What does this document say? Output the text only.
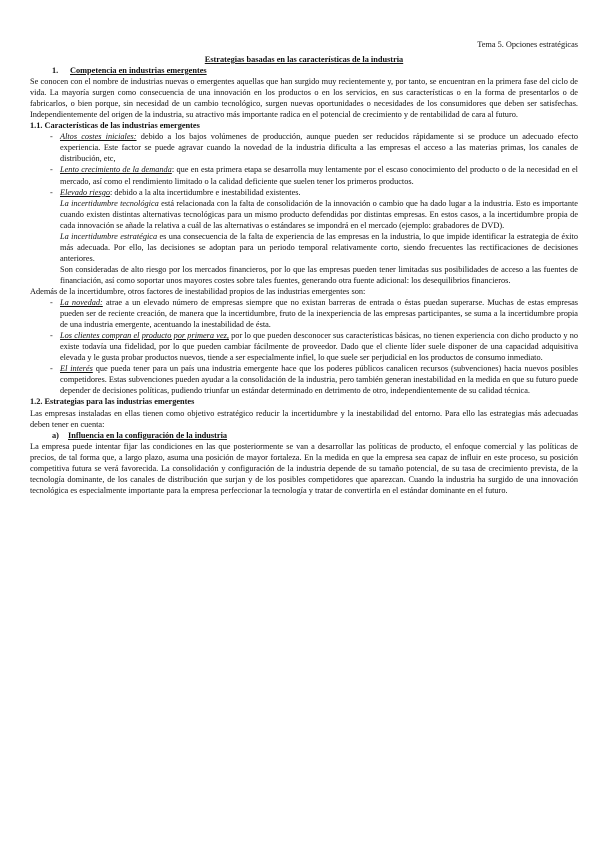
Tema 5. Opciones estratégicas
Estrategias basadas en las características de la industria
1. Competencia en industrias emergentes

Se conocen con el nombre de industrias nuevas o emergentes aquellas que han surgido muy recientemente y, por tanto, se encuentran en la primera fase del ciclo de vida. La mayoría surgen como consecuencia de una innovación en los productos o en los servicios, en sus características o en la forma de presentarlos o de fabricarlos, o bien porque, sin necesidad de un cambio tecnológico, surgen nuevas oportunidades o necesidades de los consumidores que deben ser satisfechas. Independientemente del origen de la industria, su atractivo más importante radica en el potencial de crecimiento y de rentabilidad de cara al futuro.

1.1. Características de las industrias emergentes
- Altos costes iniciales: debido a los bajos volúmenes de producción, aunque pueden ser reducidos rápidamente si se produce un adecuado efecto experiencia. Este factor se puede agravar cuando la novedad de la industria dificulta a las empresas el acceso a las materias primas, los canales de distribución, etc,
- Lento crecimiento de la demanda: que en esta primera etapa se desarrolla muy lentamente por el escaso conocimiento del producto o de la necesidad en el mercado, así como el rendimiento limitado o la calidad deficiente que suelen tener los primeros productos.
- Elevado riesgo: debido a la alta incertidumbre e inestabilidad existentes.
La incertidumbre tecnológica está relacionada con la falta de consolidación de la innovación o cambio que ha dado lugar a la industria. Esto es importante cuando existen distintas alternativas tecnológicas para un mismo producto defendidas por distintas empresas. En estos casos, a la incertidumbre propia de cada innovación se añade la relativa a cuál de las alternativas o estándares se impondrá en el mercado (ejemplo: grabadores de DVD).
La incertidumbre estratégica es una consecuencia de la falta de experiencia de las empresas en la industria, lo que impide identificar la estrategia de éxito más adecuada. Por ello, las decisiones se adoptan para un periodo temporal relativamente corto, siendo frecuentes las rectificaciones de decisiones anteriores.
Son consideradas de alto riesgo por los mercados financieros, por lo que las empresas pueden tener limitadas sus posibilidades de acceso a las fuentes de financiación, así como soportar unos mayores costes sobre tales fuentes, generando otra fuente adicional: los desequilibrios financieros.

Además de la incertidumbre, otros factores de inestabilidad propios de las industrias emergentes son:

- La novedad: atrae a un elevado número de empresas siempre que no existan barreras de entrada o éstas puedan superarse. Muchas de estas empresas pueden ser de reciente creación, de manera que la incertidumbre, fruto de la inexperiencia de las empresas participantes, se suma a la incertidumbre propia de una industria emergente, acentuando la inestabilidad de ésta.
- Los clientes compran el producto por primera vez, por lo que pueden desconocer sus características básicas, no tienen experiencia con dicho producto y no existe todavía una fidelidad, por lo que pueden cambiar fácilmente de proveedor. Dado que el cliente líder suele disponer de una capacidad adquisitiva elevada y le gusta probar productos nuevos, tiende a ser especialmente infiel, lo que suele ser perjudicial en los productos de consumo inmediato.
- El interés que pueda tener para un país una industria emergente hace que los poderes públicos canalicen recursos (subvenciones) hacia nuevos posibles competidores. Estas subvenciones pueden ayudar a la consolidación de la industria, pero también generan inestabilidad en la medida en que su futuro puede depender de decisiones políticas, pudiendo triunfar un estándar determinado en detrimento de otro, independientemente de su calidad técnica.
1.2. Estrategias para las industrias emergentes

Las empresas instaladas en ellas tienen como objetivo estratégico reducir la incertidumbre y la inestabilidad del entorno. Para ello las estrategias más adecuadas deben tener en cuenta:

a) Influencia en la configuración de la industria

La empresa puede intentar fijar las condiciones en las que posteriormente se van a desarrollar las políticas de producto, el enfoque comercial y las políticas de precios, de tal forma que, a largo plazo, asuma una posición de mayor fortaleza. En la medida en que la empresa sea capaz de influir en este proceso, su posición competitiva futura se verá favorecida. La consolidación y configuración de la industria depende de su tamaño potencial, de su tasa de crecimiento prevista, de la tecnología dominante, de los canales de distribución que surjan y de los posibles competidores que aparezcan. Cuando la industria ha surgido de una innovación tecnológica es especialmente importante para la empresa perfeccionar la tecnología y tratar de convertirla en el estándar dominante en el futuro.
